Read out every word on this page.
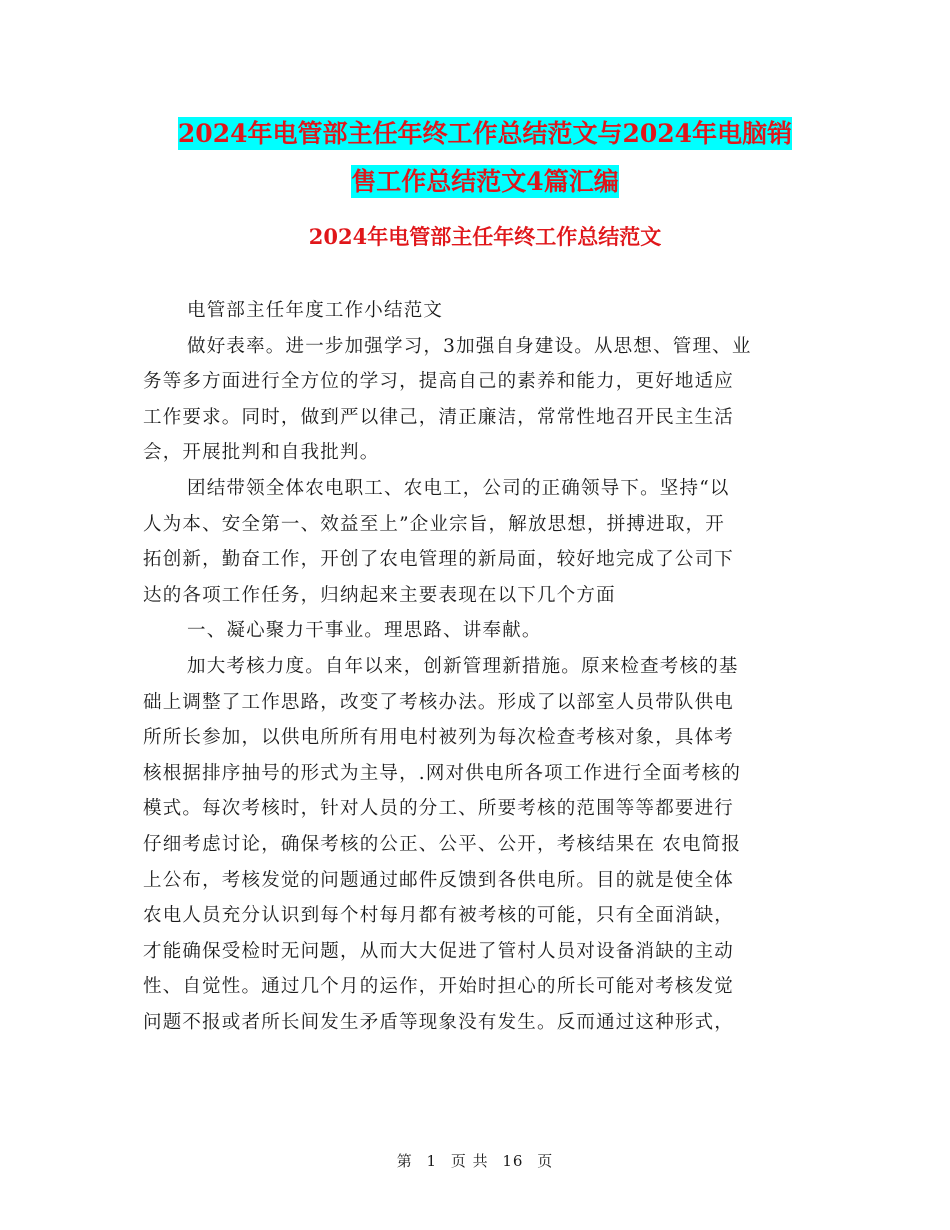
2024年电管部主任年终工作总结范文与2024年电脑销
售工作总结范文4篇汇编
2024年电管部主任年终工作总结范文
电管部主任年度工作小结范文
做好表率。进一步加强学习，3加强自身建设。从思想、管理、业
务等多方面进行全方位的学习，提高自己的素养和能力，更好地适应
工作要求。同时，做到严以律己，清正廉洁，常常性地召开民主生活
会，开展批判和自我批判。
团结带领全体农电职工、农电工，公司的正确领导下。坚持“以
人为本、安全第一、效益至上”企业宗旨，解放思想，拼搏进取，开
拓创新，勤奋工作，开创了农电管理的新局面，较好地完成了公司下
达的各项工作任务，归纳起来主要表现在以下几个方面
一、凝心聚力干事业。理思路、讲奉献。
加大考核力度。自年以来，创新管理新措施。原来检查考核的基
础上调整了工作思路，改变了考核办法。形成了以部室人员带队供电
所所长参加，以供电所所有用电村被列为每次检查考核对象，具体考
核根据排序抽号的形式为主导，.网对供电所各项工作进行全面考核的
模式。每次考核时，针对人员的分工、所要考核的范围等等都要进行
仔细考虑讨论，确保考核的公正、公平、公开，考核结果在 农电简报
上公布，考核发觉的问题通过邮件反馈到各供电所。目的就是使全体
农电人员充分认识到每个村每月都有被考核的可能，只有全面消缺，
才能确保受检时无问题，从而大大促进了管村人员对设备消缺的主动
性、自觉性。通过几个月的运作，开始时担心的所长可能对考核发觉
问题不报或者所长间发生矛盾等现象没有发生。反而通过这种形式，
第 1 页 共 16 页
